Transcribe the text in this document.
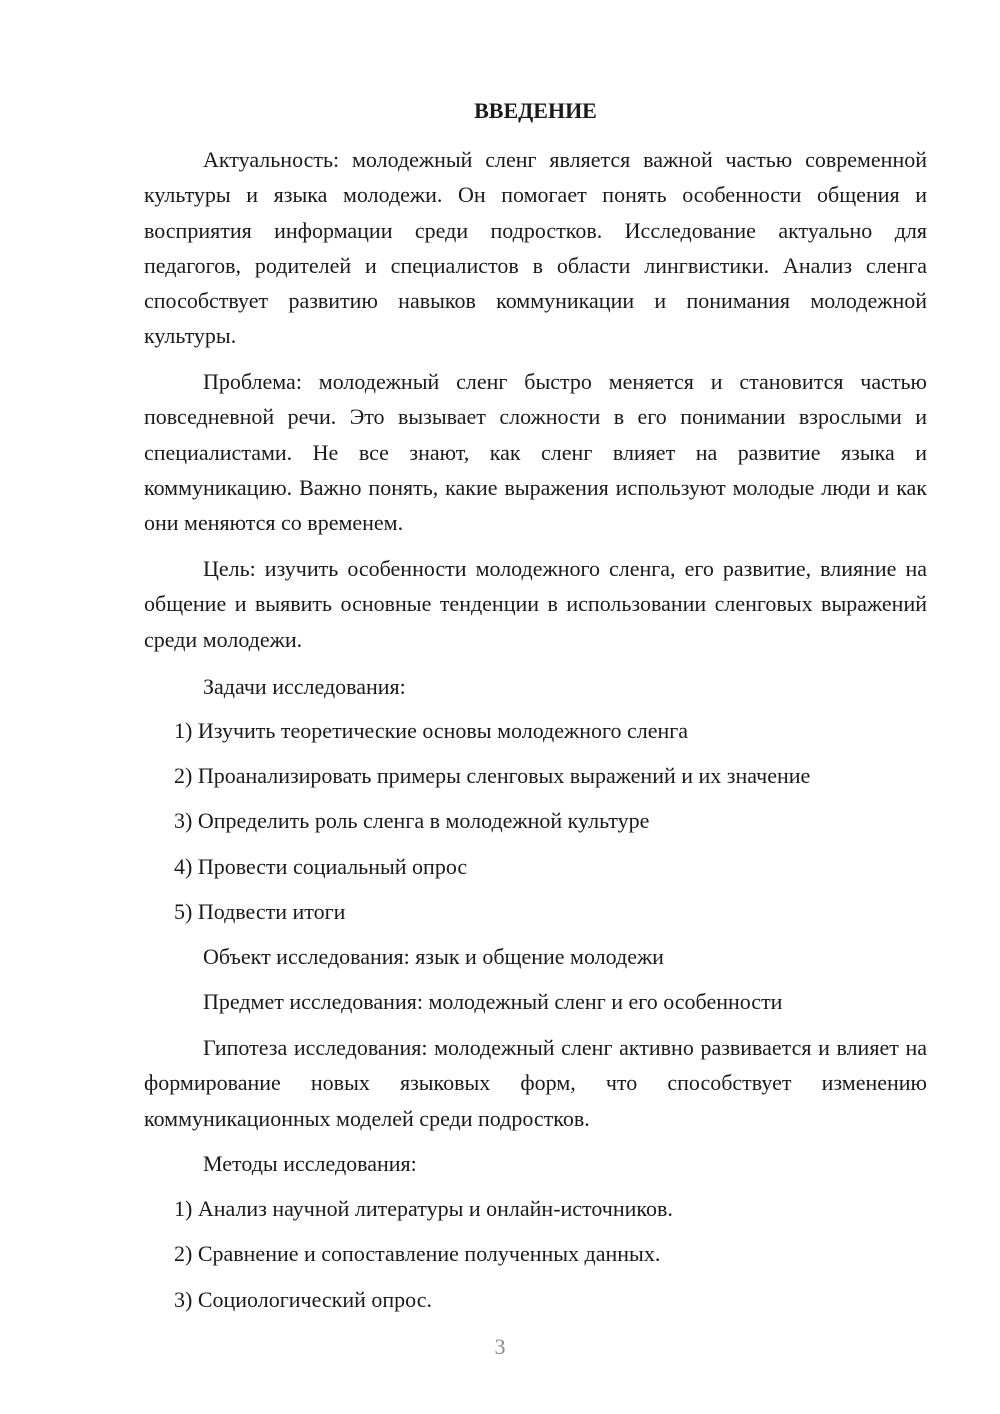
ВВЕДЕНИЕ

Актуальность: молодежный сленг является важной частью современной культуры и языка молодежи. Он помогает понять особенности общения и восприятия информации среди подростков. Исследование актуально для педагогов, родителей и специалистов в области лингвистики. Анализ сленга способствует развитию навыков коммуникации и понимания молодежной культуры.

Проблема: молодежный сленг быстро меняется и становится частью повседневной речи. Это вызывает сложности в его понимании взрослыми и специалистами. Не все знают, как сленг влияет на развитие языка и коммуникацию. Важно понять, какие выражения используют молодые люди и как они меняются со временем.

Цель: изучить особенности молодежного сленга, его развитие, влияние на общение и выявить основные тенденции в использовании сленговых выражений среди молодежи.

Задачи исследования:

1) Изучить теоретические основы молодежного сленга

2) Проанализировать примеры сленговых выражений и их значение

3) Определить роль сленга в молодежной культуре

4) Провести социальный опрос

5) Подвести итоги

Объект исследования: язык и общение молодежи

Предмет исследования: молодежный сленг и его особенности

Гипотеза исследования: молодежный сленг активно развивается и влияет на формирование новых языковых форм, что способствует изменению коммуникационных моделей среди подростков.

Методы исследования:

1) Анализ научной литературы и онлайн-источников.

2) Сравнение и сопоставление полученных данных.

3) Социологический опрос.

3
